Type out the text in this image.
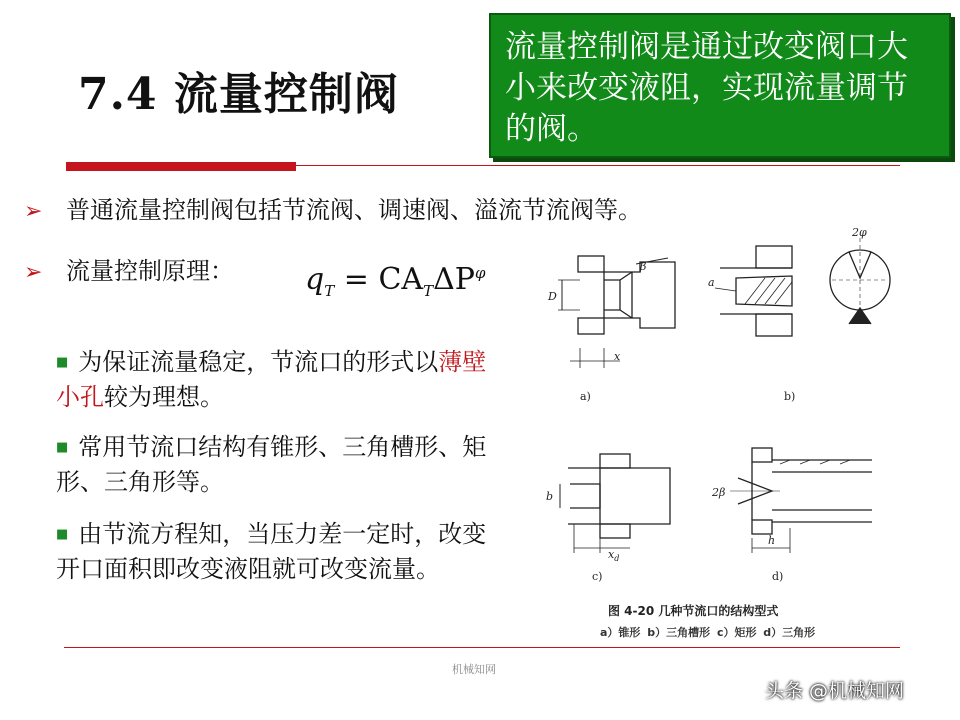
7.4 流量控制阀
流量控制阀是通过改变阀口大小来改变液阻，实现流量调节的阀。
➢ 普通流量控制阀包括节流阀、调速阀、溢流节流阀等。
➢ 流量控制原理： $q_T = CA_T\Delta P^\varphi$
■ 为保证流量稳定，节流口的形式以薄壁小孔较为理想。
■ 常用节流口结构有锥形、三角槽形、矩形、三角形等。
■ 由节流方程知，当压力差一定时，改变开口面积即改变液阻就可改变流量。
D
β
x
a)
a
2φ
b)
b
$x_d$
c)
2β
h
d)
图 4-20 几种节流口的结构型式
a）锥形 b）三角槽形 c）矩形 d）三角形
机械知网
头条 @机械知网
